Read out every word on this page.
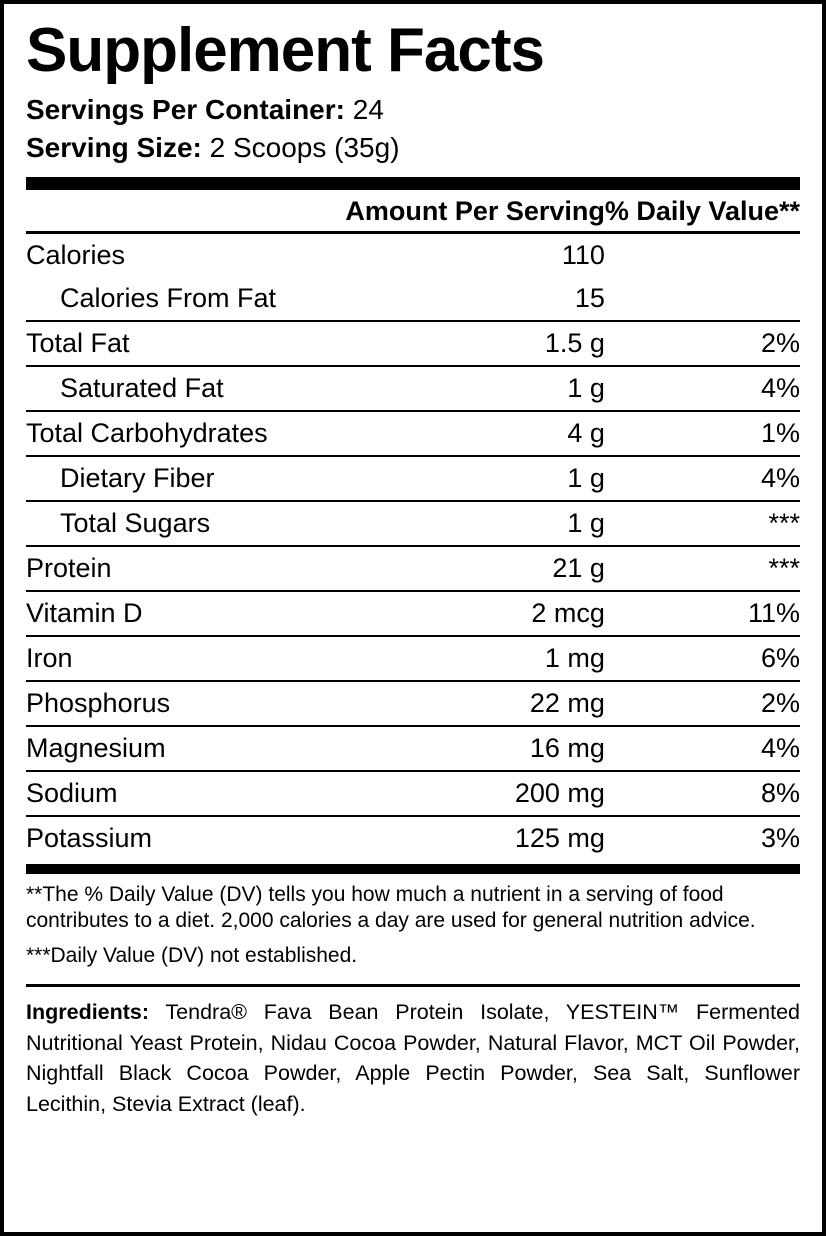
Supplement Facts
Servings Per Container: 24
Serving Size: 2 Scoops (35g)
	Amount Per Serving	% Daily Value**
Calories	110	
Calories From Fat	15	
Total Fat	1.5 g	2%
Saturated Fat	1 g	4%
Total Carbohydrates	4 g	1%
Dietary Fiber	1 g	4%
Total Sugars	1 g	***
Protein	21 g	***
Vitamin D	2 mcg	11%
Iron	1 mg	6%
Phosphorus	22 mg	2%
Magnesium	16 mg	4%
Sodium	200 mg	8%
Potassium	125 mg	3%
**The % Daily Value (DV) tells you how much a nutrient in a serving of food contributes to a diet. 2,000 calories a day are used for general nutrition advice.
***Daily Value (DV) not established.
Ingredients: Tendra® Fava Bean Protein Isolate, YESTEIN™ Fermented Nutritional Yeast Protein, Nidau Cocoa Powder, Natural Flavor, MCT Oil Powder, Nightfall Black Cocoa Powder, Apple Pectin Powder, Sea Salt, Sunflower Lecithin, Stevia Extract (leaf).
